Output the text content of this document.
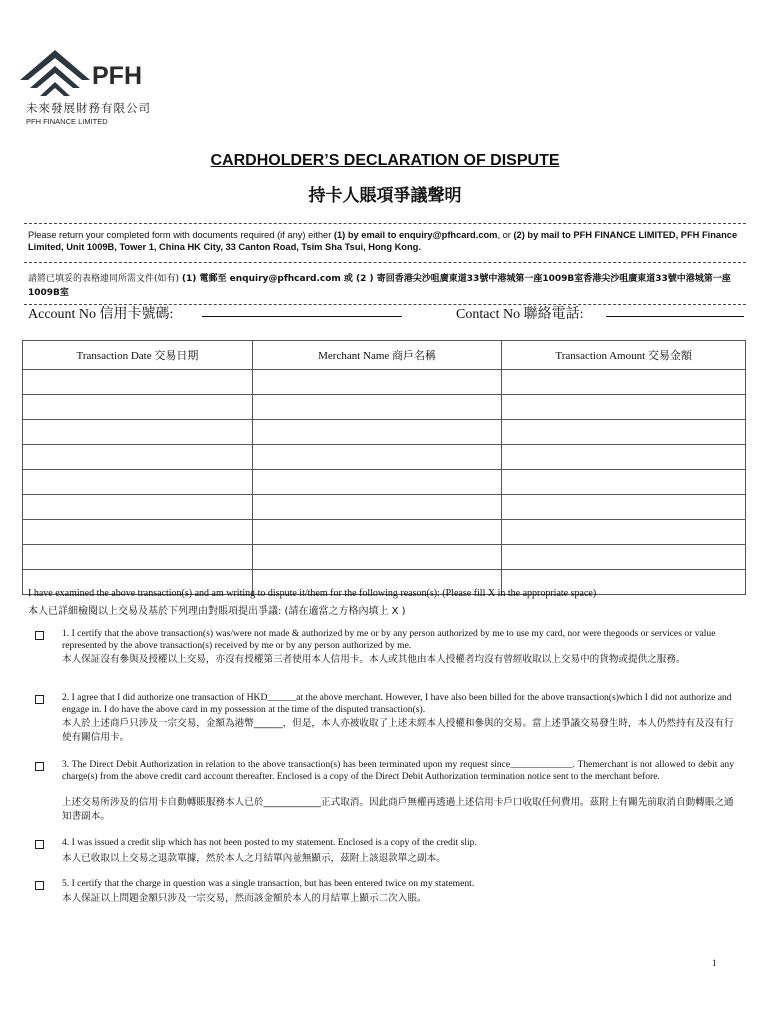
PFH
未來發展財務有限公司
PFH FINANCE LIMITED
CARDHOLDER’S DECLARATION OF DISPUTE
持卡人賬項爭議聲明
Please return your completed form with documents required (if any) either (1) by email to enquiry@pfhcard.com, or (2) by mail to PFH FINANCE LIMITED, PFH Finance Limited, Unit 1009B, Tower 1, China HK City, 33 Canton Road, Tsim Sha Tsui, Hong Kong.
請將已填妥的表格連同所需文件(如有) (1) 電郵至 enquiry@pfhcard.com 或 (2 ) 寄回香港尖沙咀廣東道33號中港城第一座1009B室香港尖沙咀廣東道33號中港城第一座1009B室
Account No 信用卡號碼:	Contact No 聯絡電話:
Transaction Date 交易日期	Merchant Name 商戶名稱	Transaction Amount 交易金額

I have examined the above transaction(s) and am writing to dispute it/them for the following reason(s): (Please fill X in the appropriate space)
本人已詳細檢閱以上交易及基於下列理由對賬項提出爭議: (請在適當之方格內填上 X )
1. I certify that the above transaction(s) was/were not made & authorized by me or by any person authorized by me to use my card, nor were thegoods or services or value represented by the above transaction(s) received by me or by any person authorized by me.
本人保証沒有參與及授權以上交易，亦沒有授權第三者使用本人信用卡。本人或其他由本人授權者均沒有曾經收取以上交易中的貨物或提供之服務。
2. I agree that I did authorize one transaction of HKD______at the above merchant. However, I have also been billed for the above transaction(s)which I did not authorize and engage in. I do have the above card in my possession at the time of the disputed transaction(s).
本人於上述商戶只涉及一宗交易，金額為港幣______，但是，本人亦被收取了上述未經本人授權和參與的交易。當上述爭議交易發生時，本人仍然持有及沒有行使有關信用卡。
3. The Direct Debit Authorization in relation to the above transaction(s) has been terminated upon my request since_____________. Themerchant is not allowed to debit any charge(s) from the above credit card account thereafter. Enclosed is a copy of the Direct Debit Authorization termination notice sent to the merchant before.
上述交易所涉及的信用卡自動轉賬服務本人已於____________正式取消。因此商戶無權再透過上述信用卡戶口收取任何費用。茲附上有關先前取消自動轉賬之通知書副本。
4. I was issued a credit slip which has not been posted to my statement. Enclosed is a copy of the credit slip.
本人已收取以上交易之退款單據，然於本人之月結單內並無顯示，茲附上該退款單之副本。
5. I certify that the charge in question was a single transaction, but has been entered twice on my statement.
本人保証以上問題金額只涉及一宗交易，然而該金額於本人的月結單上顯示二次入賬。
1
